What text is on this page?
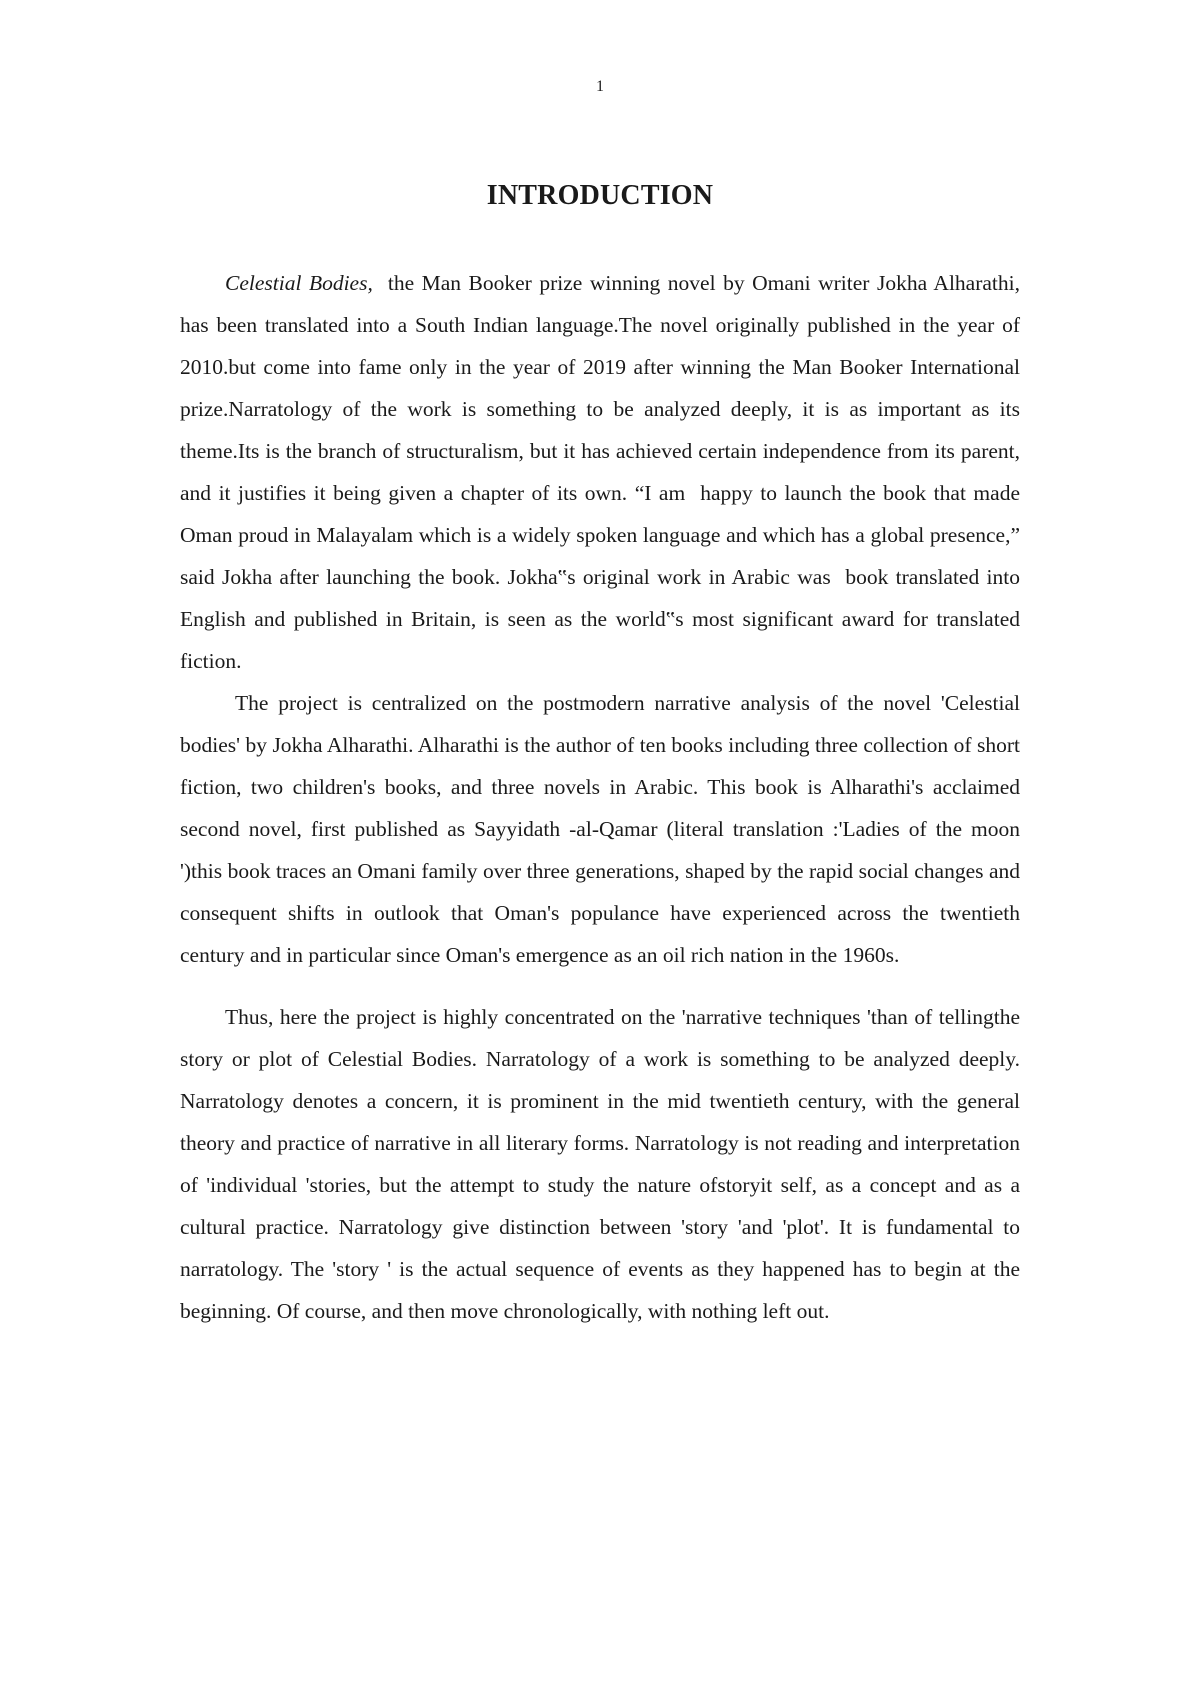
1
INTRODUCTION

Celestial Bodies,  the Man Booker prize winning novel by Omani writer Jokha Alharathi,  has been translated into a South Indian language.The novel originally published in the year of 2010.but come into fame only in the year of 2019 after winning the Man Booker International prize.Narratology of the work is something to be analyzed deeply, it is as important as its theme.Its is the branch of structuralism, but it has achieved certain independence from its parent, and it justifies it being given a chapter of its own. “I am  happy to launch the book that made Oman proud in Malayalam which is a widely spoken language and which has a global presence,” said Jokha after launching the book. Jokha‟s original work in Arabic was  book translated into English and published in Britain, is seen as the world‟s most significant award for translated fiction.

The project is centralized on the postmodern narrative analysis of the novel 'Celestial bodies' by Jokha Alharathi. Alharathi is the author of ten books including three collection of short fiction, two children's books, and three novels in Arabic. This book is Alharathi's acclaimed second novel, first published as Sayyidath -al-Qamar (literal translation :'Ladies of the moon ')this book traces an Omani family over three generations, shaped by the rapid social changes and consequent shifts in outlook that Oman's populance have experienced across the twentieth century and in particular since Oman's emergence as an oil rich nation in the 1960s.

Thus, here the project is highly concentrated on the 'narrative techniques 'than of tellingthe story or plot of Celestial Bodies. Narratology of a work is something to be analyzed deeply. Narratology denotes a concern, it is prominent in the mid twentieth century, with the general theory and practice of narrative in all literary forms. Narratology is not reading and interpretation of 'individual 'stories, but the attempt to study the nature ofstoryit self, as a concept and as a cultural practice. Narratology give distinction between 'story 'and 'plot'. It is fundamental to narratology. The 'story ' is the actual sequence of events as they happened has to begin at the beginning. Of course, and then move chronologically, with nothing left out.
